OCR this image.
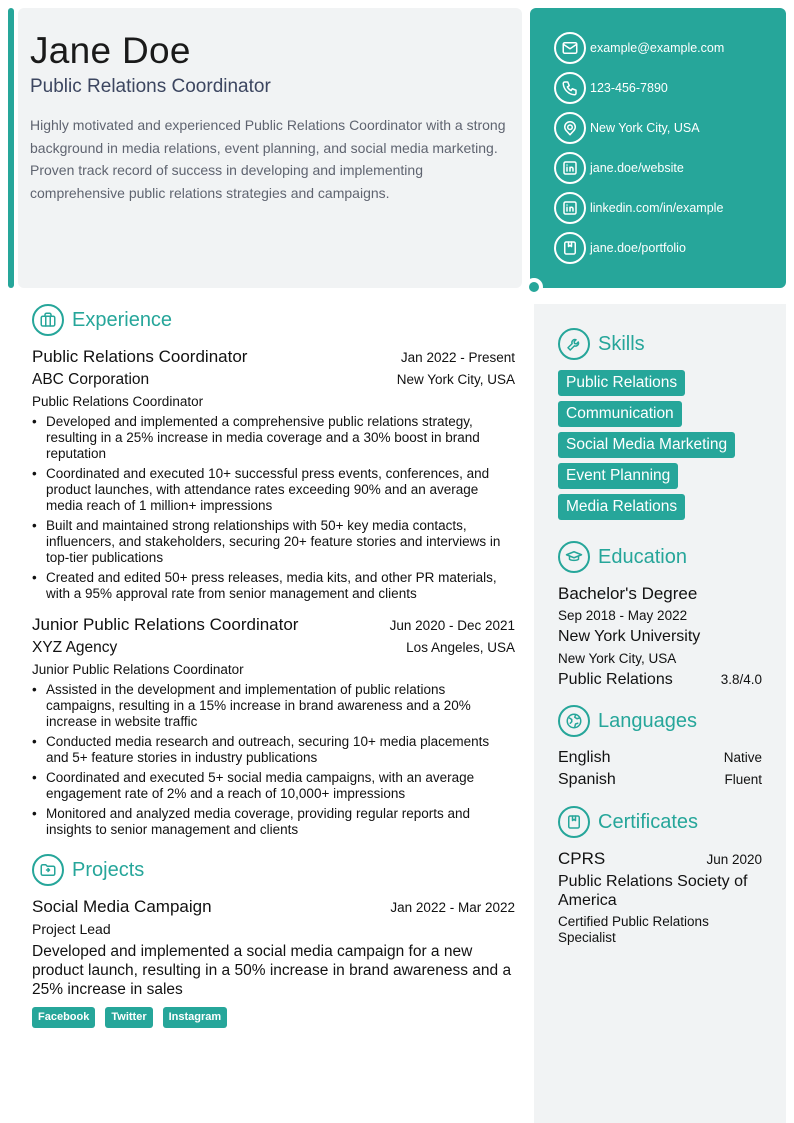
Jane Doe
Public Relations Coordinator
Highly motivated and experienced Public Relations Coordinator with a strong background in media relations, event planning, and social media marketing. Proven track record of success in developing and implementing comprehensive public relations strategies and campaigns.
example@example.com
123-456-7890
New York City, USA
jane.doe/website
linkedin.com/in/example
jane.doe/portfolio
Experience
Public Relations Coordinator	Jan 2022 - Present
ABC Corporation	New York City, USA
Public Relations Coordinator
• Developed and implemented a comprehensive public relations strategy, resulting in a 25% increase in media coverage and a 30% boost in brand reputation
• Coordinated and executed 10+ successful press events, conferences, and product launches, with attendance rates exceeding 90% and an average media reach of 1 million+ impressions
• Built and maintained strong relationships with 50+ key media contacts, influencers, and stakeholders, securing 20+ feature stories and interviews in top-tier publications
• Created and edited 50+ press releases, media kits, and other PR materials, with a 95% approval rate from senior management and clients
Junior Public Relations Coordinator	Jun 2020 - Dec 2021
XYZ Agency	Los Angeles, USA
Junior Public Relations Coordinator
• Assisted in the development and implementation of public relations campaigns, resulting in a 15% increase in brand awareness and a 20% increase in website traffic
• Conducted media research and outreach, securing 10+ media placements and 5+ feature stories in industry publications
• Coordinated and executed 5+ social media campaigns, with an average engagement rate of 2% and a reach of 10,000+ impressions
• Monitored and analyzed media coverage, providing regular reports and insights to senior management and clients
Projects
Social Media Campaign	Jan 2022 - Mar 2022
Project Lead
Developed and implemented a social media campaign for a new product launch, resulting in a 50% increase in brand awareness and a 25% increase in sales
Facebook	Twitter	Instagram
Skills
Public Relations
Communication
Social Media Marketing
Event Planning
Media Relations
Education
Bachelor's Degree
Sep 2018 - May 2022
New York University
New York City, USA
Public Relations	3.8/4.0
Languages
English	Native
Spanish	Fluent
Certificates
CPRS	Jun 2020
Public Relations Society of America
Certified Public Relations Specialist
